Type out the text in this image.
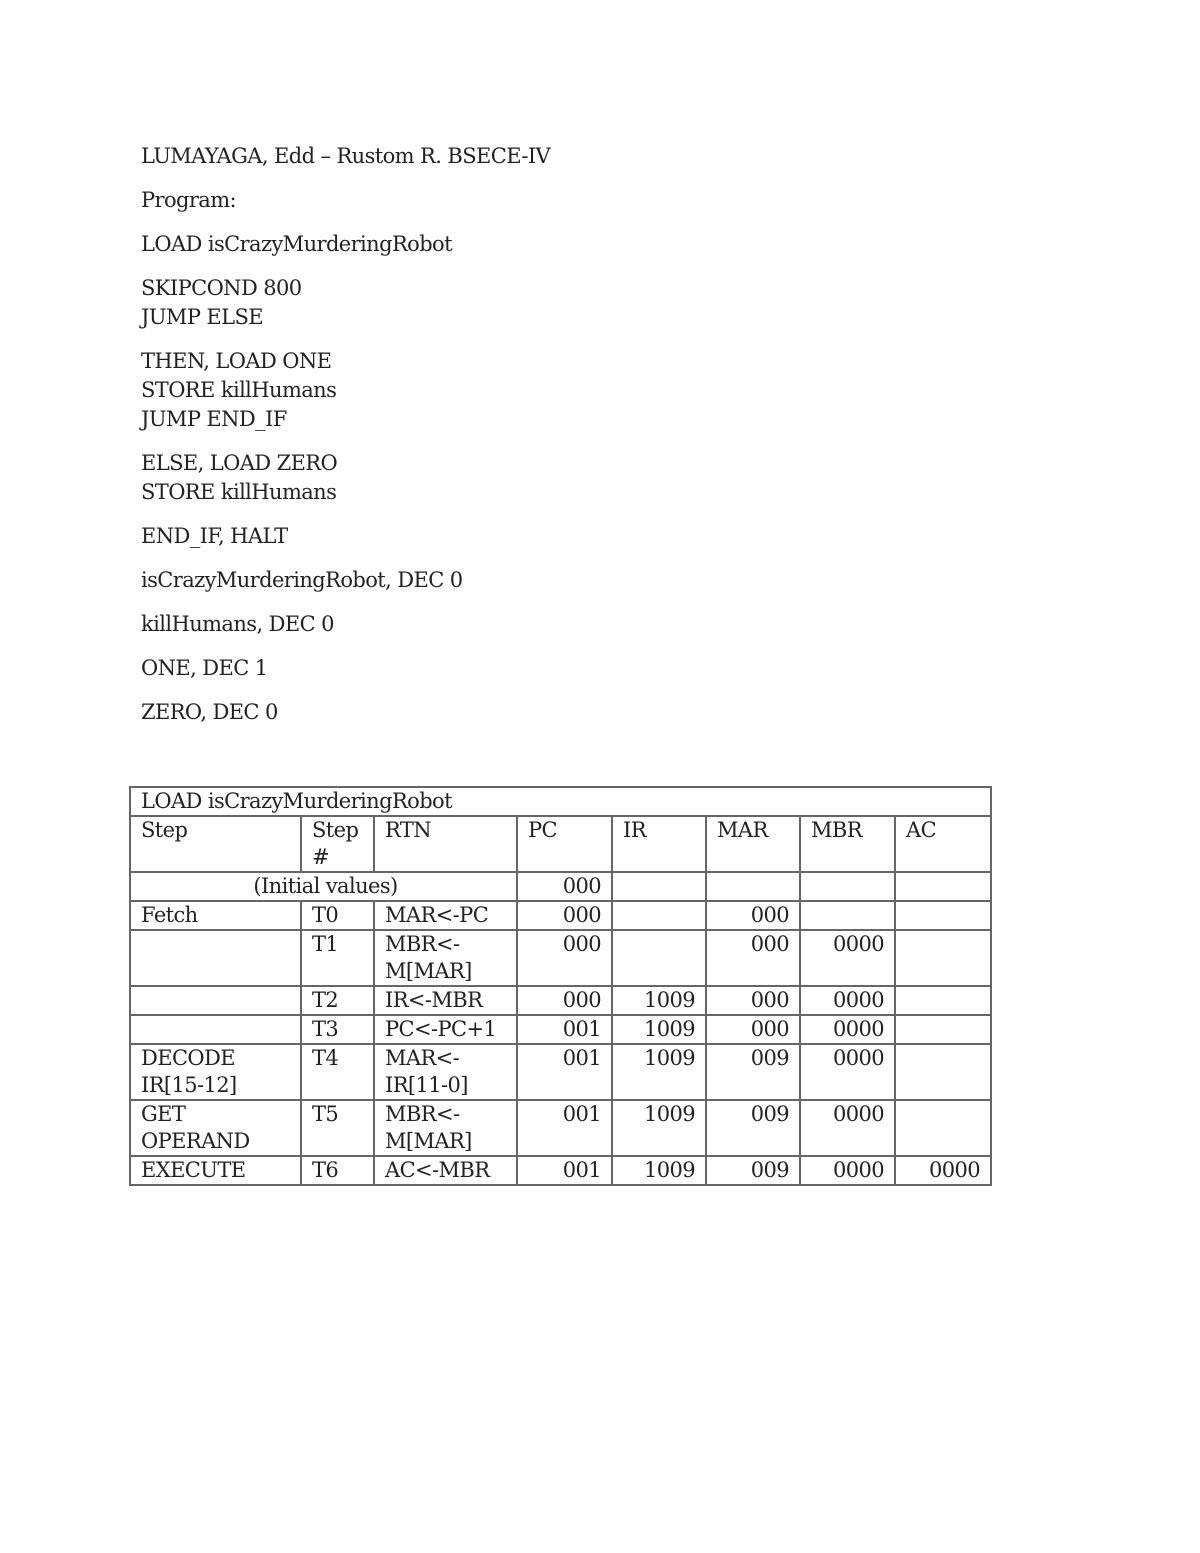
LUMAYAGA, Edd – Rustom R. BSECE-IV

Program:

LOAD isCrazyMurderingRobot

SKIPCOND 800
JUMP ELSE

THEN, LOAD ONE
STORE killHumans
JUMP END_IF

ELSE, LOAD ZERO
STORE killHumans

END_IF, HALT

isCrazyMurderingRobot, DEC 0

killHumans, DEC 0

ONE, DEC 1

ZERO, DEC 0

LOAD isCrazyMurderingRobot							
Step	Step #	RTN	PC	IR	MAR	MBR	AC
(Initial values)			000				
Fetch	T0	MAR<-PC	000		000		
	T1	MBR<-M[MAR]	000		000	0000	
	T2	IR<-MBR	000	1009	000	0000	
	T3	PC<-PC+1	001	1009	000	0000	
DECODE IR[15-12]	T4	MAR<-IR[11-0]	001	1009	009	0000	
GET OPERAND	T5	MBR<-M[MAR]	001	1009	009	0000	
EXECUTE	T6	AC<-MBR	001	1009	009	0000	0000
